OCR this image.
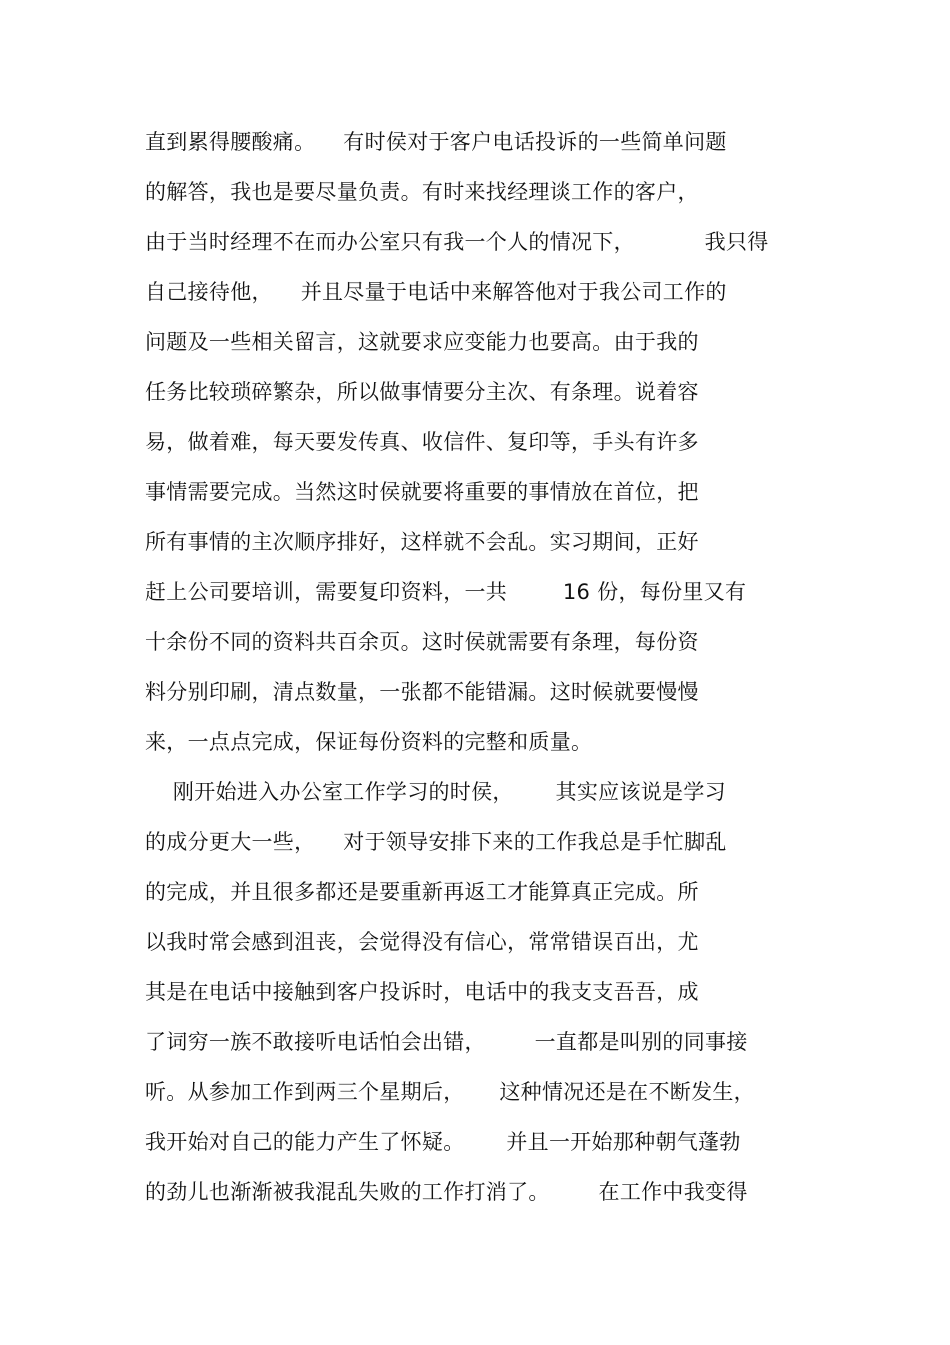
直到累得腰酸痛。    有时侯对于客户电话投诉的一些简单问题
的解答，我也是要尽量负责。有时来找经理谈工作的客户，
由于当时经理不在而办公室只有我一个人的情况下，          我只得
自己接待他，    并且尽量于电话中来解答他对于我公司工作的
问题及一些相关留言，这就要求应变能力也要高。由于我的
任务比较琐碎繁杂，所以做事情要分主次、有条理。说着容
易，做着难，每天要发传真、收信件、复印等，手头有许多
事情需要完成。当然这时侯就要将重要的事情放在首位，把
所有事情的主次顺序排好，这样就不会乱。实习期间，正好
赶上公司要培训，需要复印资料，一共        16 份，每份里又有
十余份不同的资料共百余页。这时侯就需要有条理，每份资
料分别印刷，清点数量，一张都不能错漏。这时候就要慢慢
来，一点点完成，保证每份资料的完整和质量。
刚开始进入办公室工作学习的时侯，      其实应该说是学习
的成分更大一些，    对于领导安排下来的工作我总是手忙脚乱
的完成，并且很多都还是要重新再返工才能算真正完成。所
以我时常会感到沮丧，会觉得没有信心，常常错误百出，尤
其是在电话中接触到客户投诉时，电话中的我支支吾吾，成
了词穷一族不敢接听电话怕会出错，       一直都是叫别的同事接
听。从参加工作到两三个星期后，     这种情况还是在不断发生，
我开始对自己的能力产生了怀疑。      并且一开始那种朝气蓬勃
的劲儿也渐渐被我混乱失败的工作打消了。       在工作中我变得
